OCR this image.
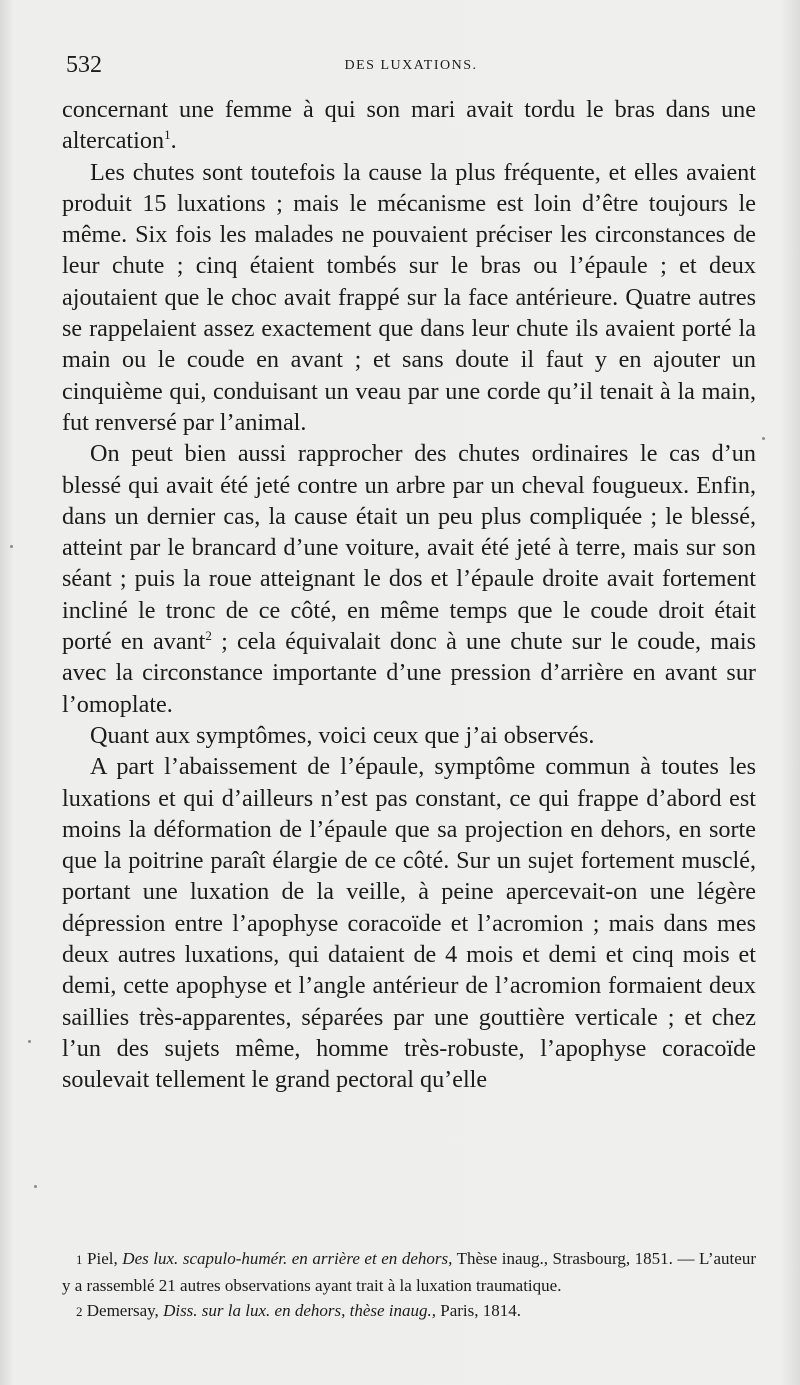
532	DES LUXATIONS.

concernant une femme à qui son mari avait tordu le bras dans une altercation$^1$.

Les chutes sont toutefois la cause la plus fréquente, et elles avaient produit 15 luxations ; mais le mécanisme est loin d’être toujours le même. Six fois les malades ne pouvaient préciser les circonstances de leur chute ; cinq étaient tombés sur le bras ou l’épaule ; et deux ajoutaient que le choc avait frappé sur la face antérieure. Quatre autres se rappelaient assez exactement que dans leur chute ils avaient porté la main ou le coude en avant ; et sans doute il faut y en ajouter un cinquième qui, conduisant un veau par une corde qu’il tenait à la main, fut renversé par l’animal.

On peut bien aussi rapprocher des chutes ordinaires le cas d’un blessé qui avait été jeté contre un arbre par un cheval fougueux. Enfin, dans un dernier cas, la cause était un peu plus compliquée ; le blessé, atteint par le brancard d’une voiture, avait été jeté à terre, mais sur son séant ; puis la roue atteignant le dos et l’épaule droite avait fortement incliné le tronc de ce côté, en même temps que le coude droit était porté en avant$^2$ ; cela équivalait donc à une chute sur le coude, mais avec la circonstance importante d’une pression d’arrière en avant sur l’omoplate.

Quant aux symptômes, voici ceux que j’ai observés.

A part l’abaissement de l’épaule, symptôme commun à toutes les luxations et qui d’ailleurs n’est pas constant, ce qui frappe d’abord est moins la déformation de l’épaule que sa projection en dehors, en sorte que la poitrine paraît élargie de ce côté. Sur un sujet fortement musclé, portant une luxation de la veille, à peine apercevait-on une légère dépression entre l’apophyse coracoïde et l’acromion ; mais dans mes deux autres luxations, qui dataient de 4 mois et demi et cinq mois et demi, cette apophyse et l’angle antérieur de l’acromion formaient deux saillies très-apparentes, séparées par une gouttière verticale ; et chez l’un des sujets même, homme très-robuste, l’apophyse coracoïde soulevait tellement le grand pectoral qu’elle

1 Piel, Des lux. scapulo-humér. en arrière et en dehors, Thèse inaug., Strasbourg, 1851. — L’auteur y a rassemblé 21 autres observations ayant trait à la luxation traumatique.

2 Demersay, Diss. sur la lux. en dehors, thèse inaug., Paris, 1814.
